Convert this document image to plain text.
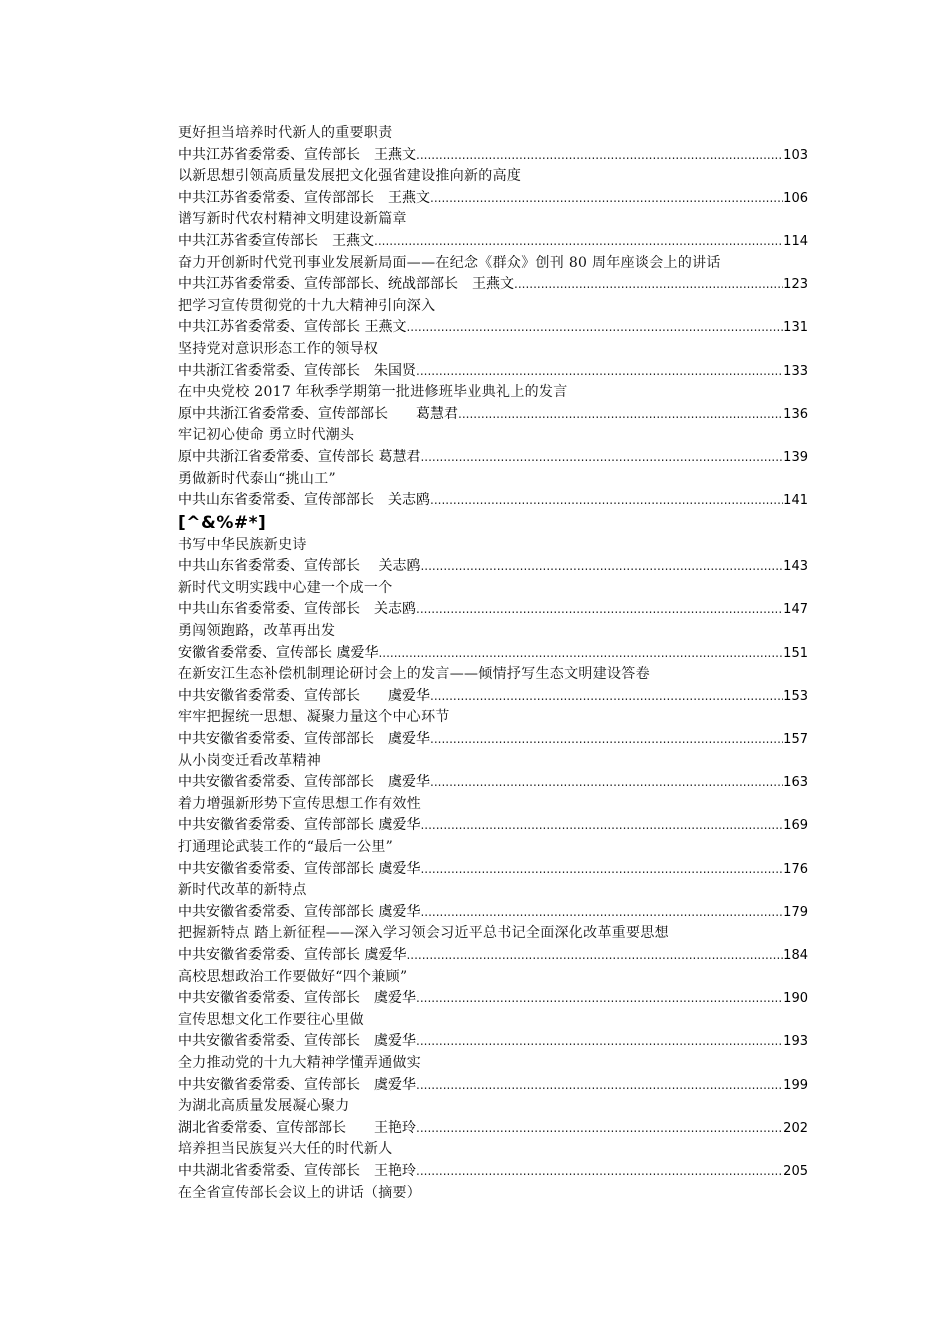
更好担当培养时代新人的重要职责
中共江苏省委常委、宣传部长　王燕文 .....	103
以新思想引领高质量发展把文化强省建设推向新的高度
中共江苏省委常委、宣传部部长　王燕文 .....	106
谱写新时代农村精神文明建设新篇章
中共江苏省委宣传部长　王燕文 .....	114
奋力开创新时代党刊事业发展新局面——在纪念《群众》创刊 80 周年座谈会上的讲话
中共江苏省委常委、宣传部部长、统战部部长　王燕文 .....	123
把学习宣传贯彻党的十九大精神引向深入
中共江苏省委常委、宣传部长 王燕文 .....	131
坚持党对意识形态工作的领导权
中共浙江省委常委、宣传部长　朱国贤 .....	133
在中央党校 2017 年秋季学期第一批进修班毕业典礼上的发言
原中共浙江省委常委、宣传部部长　　葛慧君 .....	136
牢记初心使命 勇立时代潮头
原中共浙江省委常委、宣传部长 葛慧君 .....	139
勇做新时代泰山“挑山工”
中共山东省委常委、宣传部部长　关志鸥 .....	141
[^&%#*]
书写中华民族新史诗
中共山东省委常委、宣传部长　 关志鸥 .....	143
新时代文明实践中心建一个成一个
中共山东省委常委、宣传部长　关志鸥 .....	147
勇闯领跑路，改革再出发
安徽省委常委、宣传部长 虞爱华 .....	151
在新安江生态补偿机制理论研讨会上的发言——倾情抒写生态文明建设答卷
中共安徽省委常委、宣传部长　　虞爱华 .....	153
牢牢把握统一思想、凝聚力量这个中心环节
中共安徽省委常委、宣传部部长　虞爱华 .....	157
从小岗变迁看改革精神
中共安徽省委常委、宣传部部长　虞爱华 .....	163
着力增强新形势下宣传思想工作有效性
中共安徽省委常委、宣传部部长 虞爱华 .....	169
打通理论武装工作的“最后一公里”
中共安徽省委常委、宣传部部长 虞爱华 .....	176
新时代改革的新特点
中共安徽省委常委、宣传部部长 虞爱华 .....	179
把握新特点 踏上新征程——深入学习领会习近平总书记全面深化改革重要思想
中共安徽省委常委、宣传部长 虞爱华 .....	184
高校思想政治工作要做好“四个兼顾”
中共安徽省委常委、宣传部长　虞爱华 .....	190
宣传思想文化工作要往心里做
中共安徽省委常委、宣传部长　虞爱华 .....	193
全力推动党的十九大精神学懂弄通做实
中共安徽省委常委、宣传部长　虞爱华 .....	199
为湖北高质量发展凝心聚力
湖北省委常委、宣传部部长　　王艳玲 .....	202
培养担当民族复兴大任的时代新人
中共湖北省委常委、宣传部长　王艳玲 .....	205
在全省宣传部长会议上的讲话（摘要）
